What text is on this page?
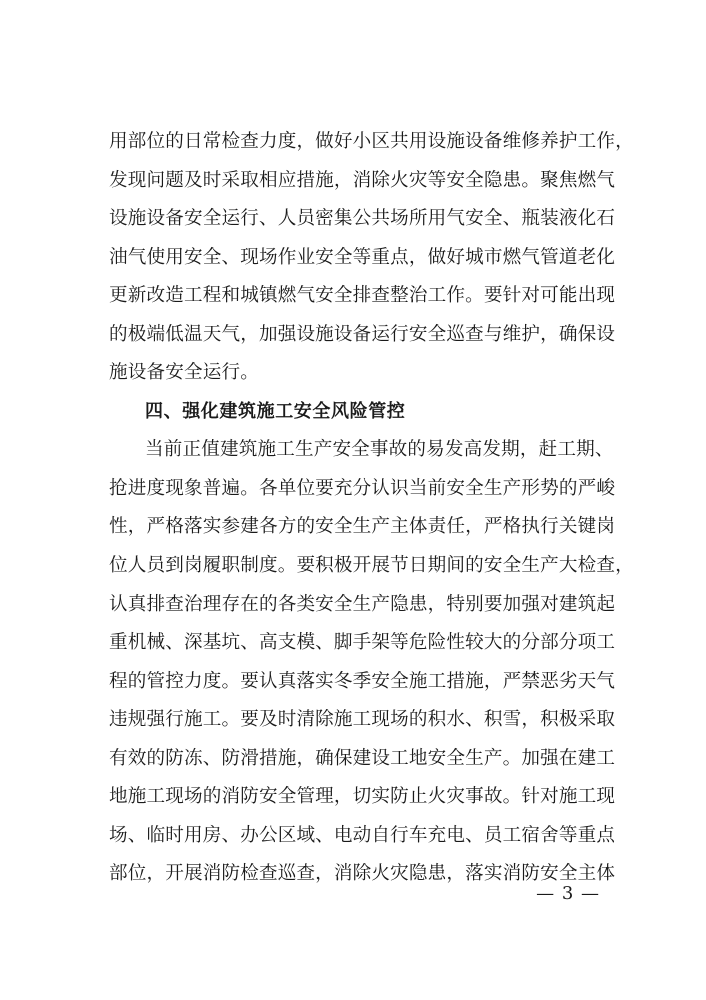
用部位的日常检查力度，做好小区共用设施设备维修养护工作，
发现问题及时采取相应措施，消除火灾等安全隐患。聚焦燃气
设施设备安全运行、人员密集公共场所用气安全、瓶装液化石
油气使用安全、现场作业安全等重点，做好城市燃气管道老化
更新改造工程和城镇燃气安全排查整治工作。要针对可能出现
的极端低温天气，加强设施设备运行安全巡查与维护，确保设
施设备安全运行。
四、强化建筑施工安全风险管控
当前正值建筑施工生产安全事故的易发高发期，赶工期、
抢进度现象普遍。各单位要充分认识当前安全生产形势的严峻
性，严格落实参建各方的安全生产主体责任，严格执行关键岗
位人员到岗履职制度。要积极开展节日期间的安全生产大检查，
认真排查治理存在的各类安全生产隐患，特别要加强对建筑起
重机械、深基坑、高支模、脚手架等危险性较大的分部分项工
程的管控力度。要认真落实冬季安全施工措施，严禁恶劣天气
违规强行施工。要及时清除施工现场的积水、积雪，积极采取
有效的防冻、防滑措施，确保建设工地安全生产。加强在建工
地施工现场的消防安全管理，切实防止火灾事故。针对施工现
场、临时用房、办公区域、电动自行车充电、员工宿舍等重点
部位，开展消防检查巡查，消除火灾隐患，落实消防安全主体
— 3 —
